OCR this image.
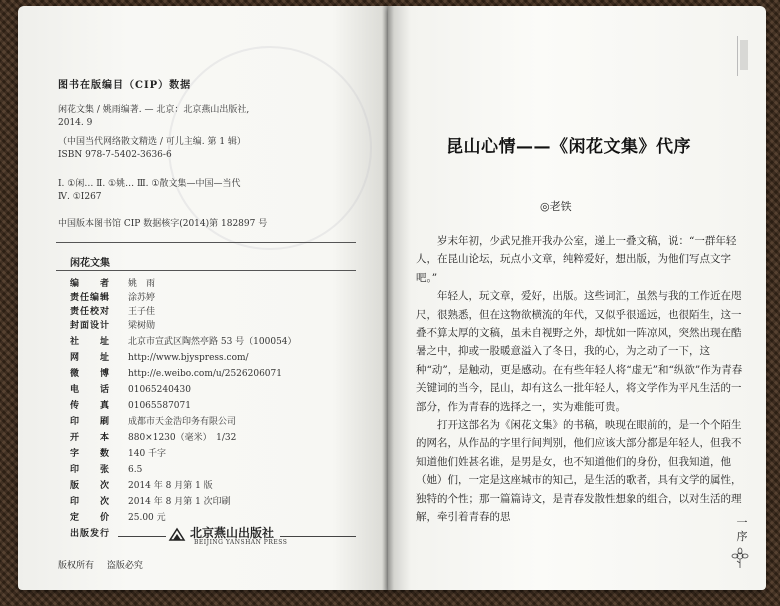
图书在版编目（CIP）数据
闲花文集 / 姚雨编著. — 北京：北京燕山出版社,
2014. 9
（中国当代网络散文精选 / 可儿主编. 第 1 辑）
ISBN 978-7-5402-3636-6
Ⅰ. ①闲… Ⅱ. ①姚… Ⅲ. ①散文集—中国—当代
Ⅳ. ①I267
中国版本图书馆 CIP 数据核字(2014)第 182897 号
闲花文集
编　　者 姚　雨
责任编辑 涂苏婷
责任校对 王子佳
封面设计 梁树勋
社　　址 北京市宣武区陶然亭路 53 号（100054）
网　　址 http://www.bjyspress.com/
微　　博 http://e.weibo.com/u/2526206071
电　　话 01065240430
传　　真 01065587071
印　　刷 成都市天金浩印务有限公司
开　　本 880×1230（毫米）　1/32
字　　数 140 千字
印　　张 6.5
版　　次 2014 年 8 月第 1 版
印　　次 2014 年 8 月第 1 次印刷
定　　价 25.00 元
出版发行	北京燕山出版社
BEIJING YANSHAN PRESS
版权所有 盗版必究
昆山心情——《闲花文集》代序
◎老铁

岁末年初，少武兄推开我办公室，递上一叠文稿，说：“一群年轻人，在昆山论坛，玩点小文章，纯粹爱好，想出版，为他们写点文字吧。”

年轻人，玩文章，爱好，出版。这些词汇，虽然与我的工作近在咫尺，很熟悉，但在这物欲横流的年代，又似乎很遥远，也很陌生，这一叠不算太厚的文稿，虽未自视野之外，却忧如一阵凉风，突然出现在酷暑之中，抑或一股暖意溢入了冬日，我的心，为之动了一下，这种“动”，是触动，更是感动。在有些年轻人将“虚无”和“纵欲”作为青春关键词的当今，昆山，却有这么一批年轻人，将文学作为平凡生活的一部分，作为青春的选择之一，实为难能可贵。

打开这部名为《闲花文集》的书稿，映现在眼前的，是一个个陌生的网名，从作品的字里行间判别，他们应该大部分都是年轻人，但我不知道他们姓甚名谁，是男是女，也不知道他们的身份，但我知道，他（她）们，一定是这座城市的知己，是生活的歌者，具有文学的属性，独特的个性；那一篇篇诗文，是青春发散性想象的组合，以对生活的理解，牵引着青春的思	一 序
